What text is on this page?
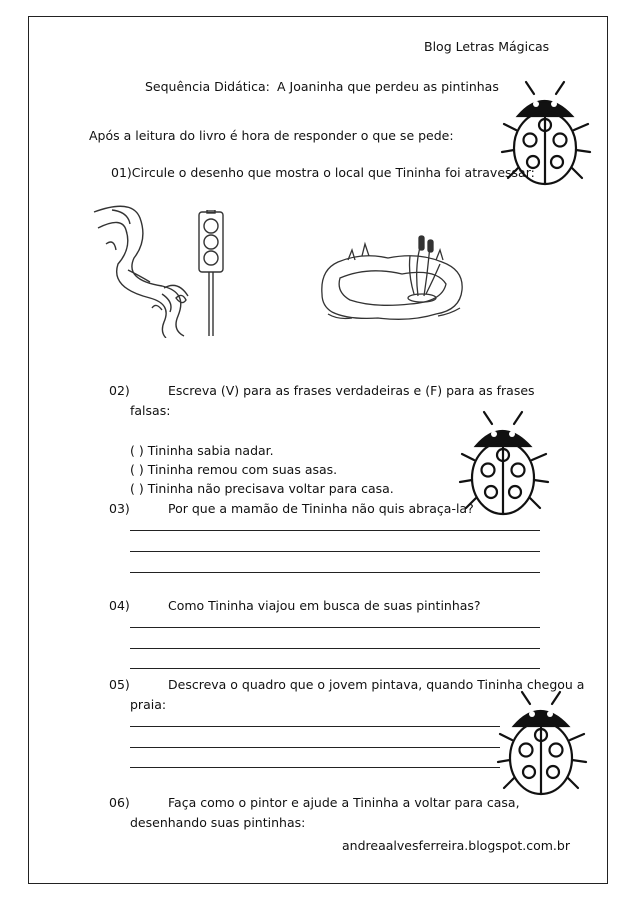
Blog Letras Mágicas
Sequência Didática: A Joaninha que perdeu as pintinhas
Após a leitura do livro é hora de responder o que se pede:
01)Circule o desenho que mostra o local que Tininha foi atravessar:
02)	Escreva (V) para as frases verdadeiras e (F) para as frases
falsas:
( ) Tininha sabia nadar.
( ) Tininha remou com suas asas.
( ) Tininha não precisava voltar para casa.
03)	Por que a mamão de Tininha não quis abraça-la?
04)	Como Tininha viajou em busca de suas pintinhas?
05)	Descreva o quadro que o jovem pintava, quando Tininha chegou a
praia:
06)	Faça como o pintor e ajude a Tininha a voltar para casa,
desenhando suas pintinhas:
andreaalvesferreira.blogspot.com.br
